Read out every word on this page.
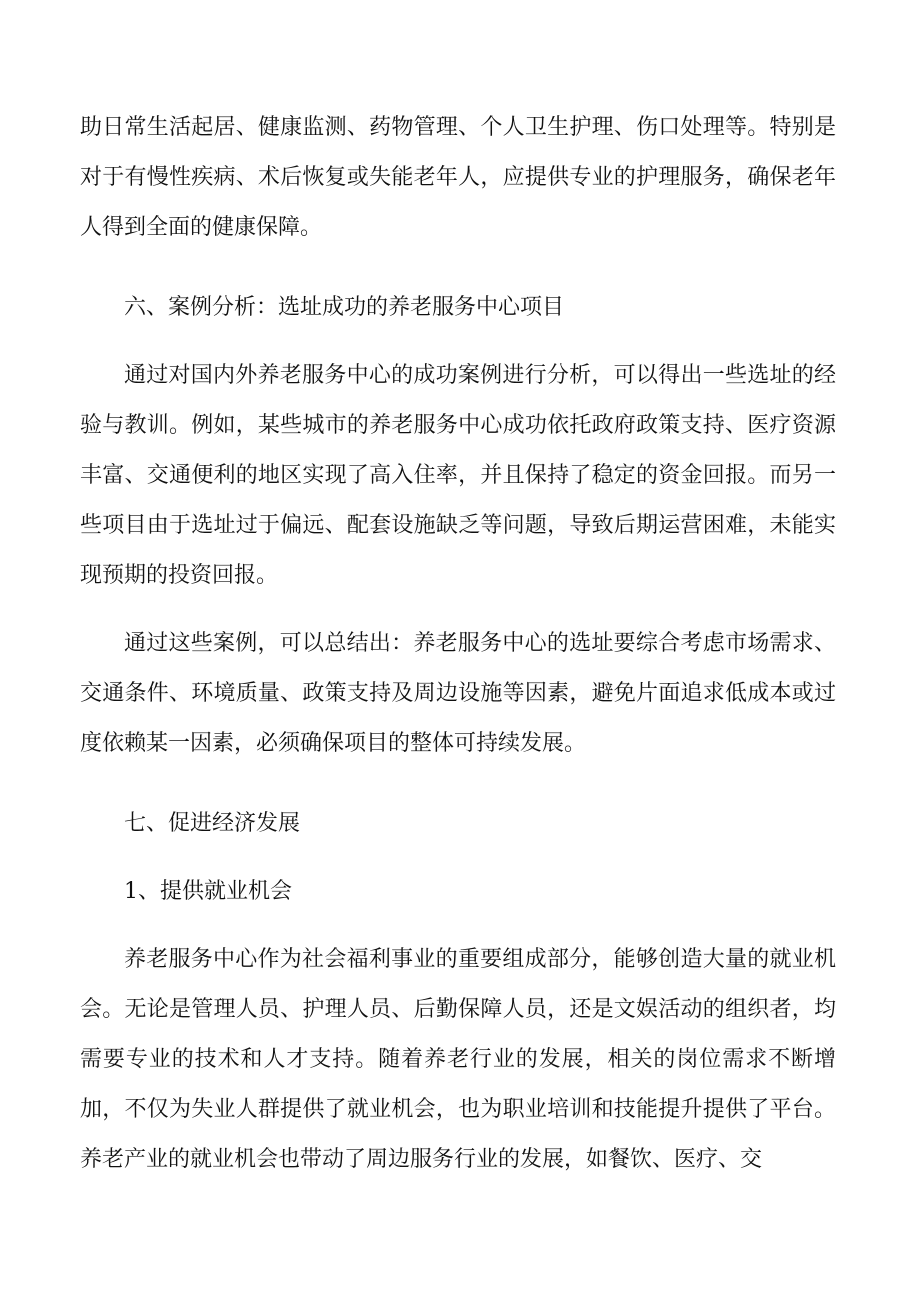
助日常生活起居、健康监测、药物管理、个人卫生护理、伤口处理等。特别是对于有慢性疾病、术后恢复或失能老年人，应提供专业的护理服务，确保老年人得到全面的健康保障。

六、案例分析：选址成功的养老服务中心项目

通过对国内外养老服务中心的成功案例进行分析，可以得出一些选址的经验与教训。例如，某些城市的养老服务中心成功依托政府政策支持、医疗资源丰富、交通便利的地区实现了高入住率，并且保持了稳定的资金回报。而另一些项目由于选址过于偏远、配套设施缺乏等问题，导致后期运营困难，未能实现预期的投资回报。

通过这些案例，可以总结出：养老服务中心的选址要综合考虑市场需求、交通条件、环境质量、政策支持及周边设施等因素，避免片面追求低成本或过度依赖某一因素，必须确保项目的整体可持续发展。

七、促进经济发展

1、提供就业机会

养老服务中心作为社会福利事业的重要组成部分，能够创造大量的就业机会。无论是管理人员、护理人员、后勤保障人员，还是文娱活动的组织者，均需要专业的技术和人才支持。随着养老行业的发展，相关的岗位需求不断增加，不仅为失业人群提供了就业机会，也为职业培训和技能提升提供了平台。养老产业的就业机会也带动了周边服务行业的发展，如餐饮、医疗、交
